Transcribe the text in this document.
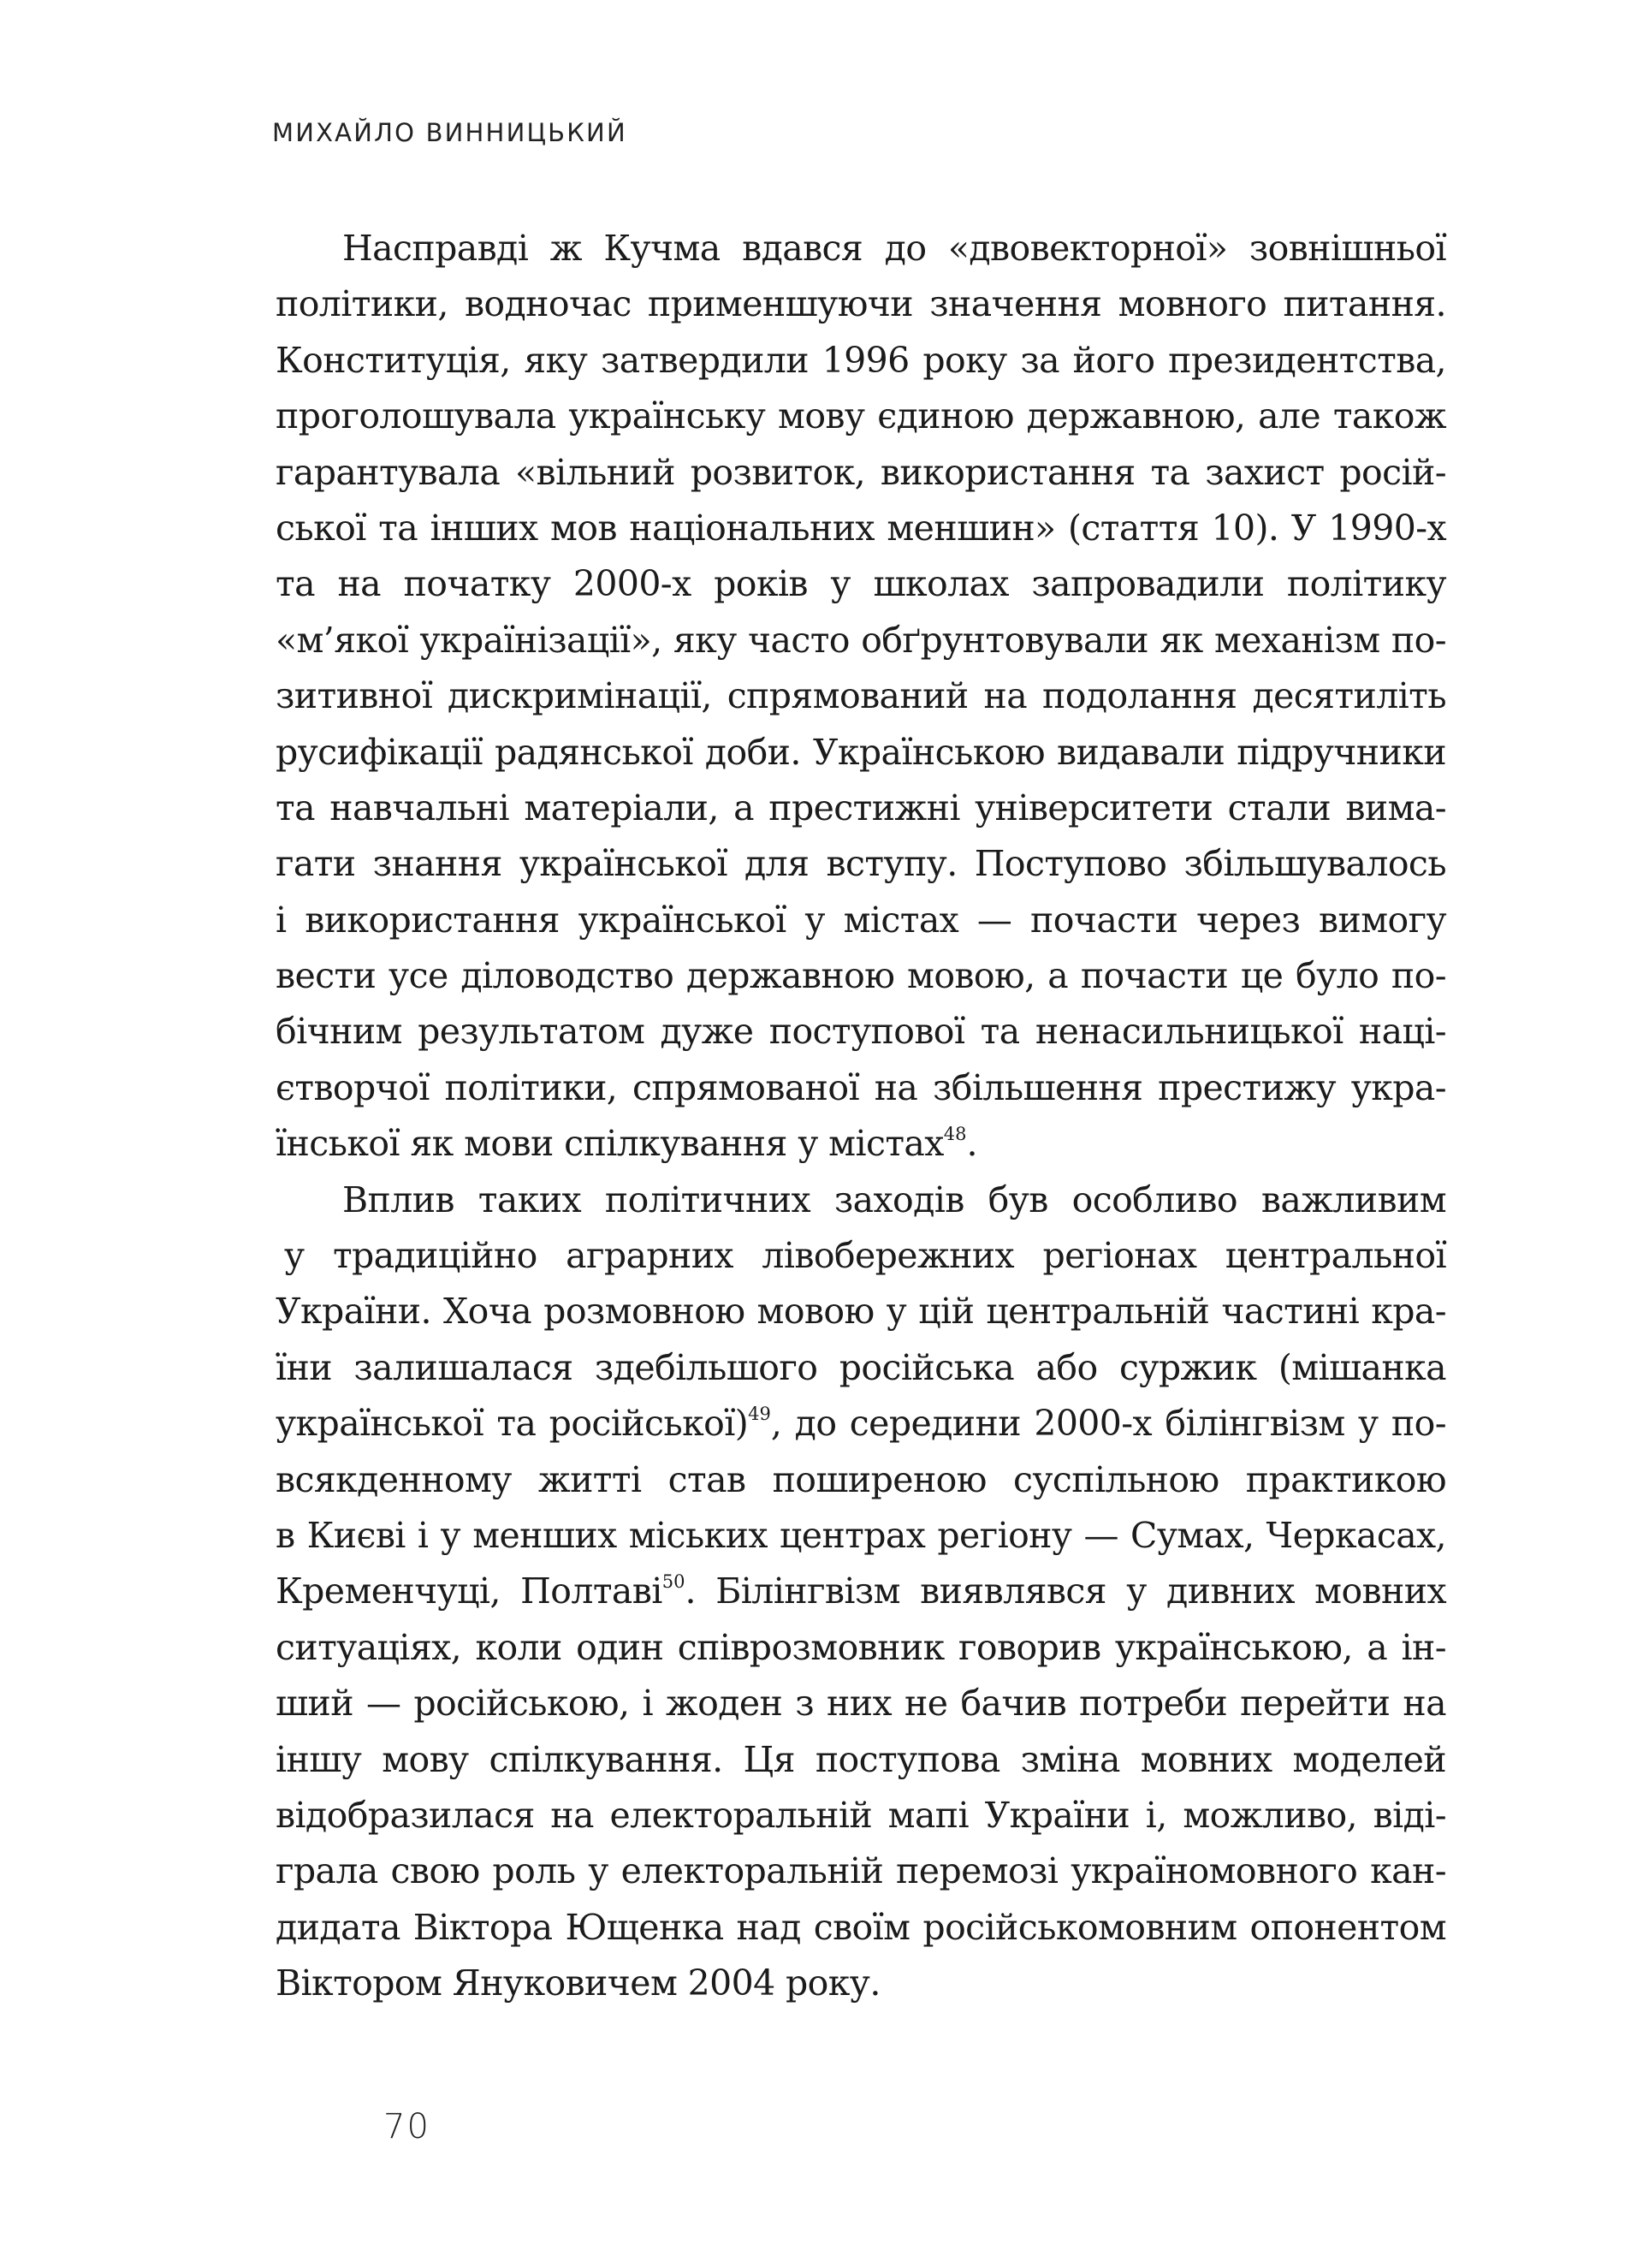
МИХАЙЛО ВИННИЦЬКИЙ
Насправді ж Кучма вдався до «двовекторної» зовнішньої
політики, водночас применшуючи значення мовного питання.
Конституція, яку затвердили 1996 року за його президентства,
проголошувала українську мову єдиною державною, але також
гарантувала «вільний розвиток, використання та захист росій-
ської та інших мов національних меншин» (стаття 10). У 1990-х
та на початку 2000-х років у школах запровадили політику
«м’якої українізації», яку часто обґрунтовували як механізм по-
зитивної дискримінації, спрямований на подолання десятиліть
русифікації радянської доби. Українською видавали підручники
та навчальні матеріали, а престижні університети стали вима-
гати знання української для вступу. Поступово збільшувалось
і використання української у містах — почасти через вимогу
вести усе діловодство державною мовою, а почасти це було по-
бічним результатом дуже поступової та ненасильницької наці-
єтворчої політики, спрямованої на збільшення престижу укра-
їнської як мови спілкування у містах$^{48}$.
Вплив таких політичних заходів був особливо важливим
у традиційно аграрних лівобережних регіонах центральної
України. Хоча розмовною мовою у цій центральній частині кра-
їни залишалася здебільшого російська або суржик (мішанка
української та російської)$^{49}$, до середини 2000-х білінгвізм у по-
всякденному житті став поширеною суспільною практикою
в Києві і у менших міських центрах регіону — Сумах, Черкасах,
Кременчуці, Полтаві$^{50}$. Білінгвізм виявлявся у дивних мовних
ситуаціях, коли один співрозмовник говорив українською, а ін-
ший — російською, і жоден з них не бачив потреби перейти на
іншу мову спілкування. Ця поступова зміна мовних моделей
відобразилася на електоральній мапі України і, можливо, віді-
грала свою роль у електоральній перемозі україномовного кан-
дидата Віктора Ющенка над своїм російськомовним опонентом
Віктором Януковичем 2004 року.
70
